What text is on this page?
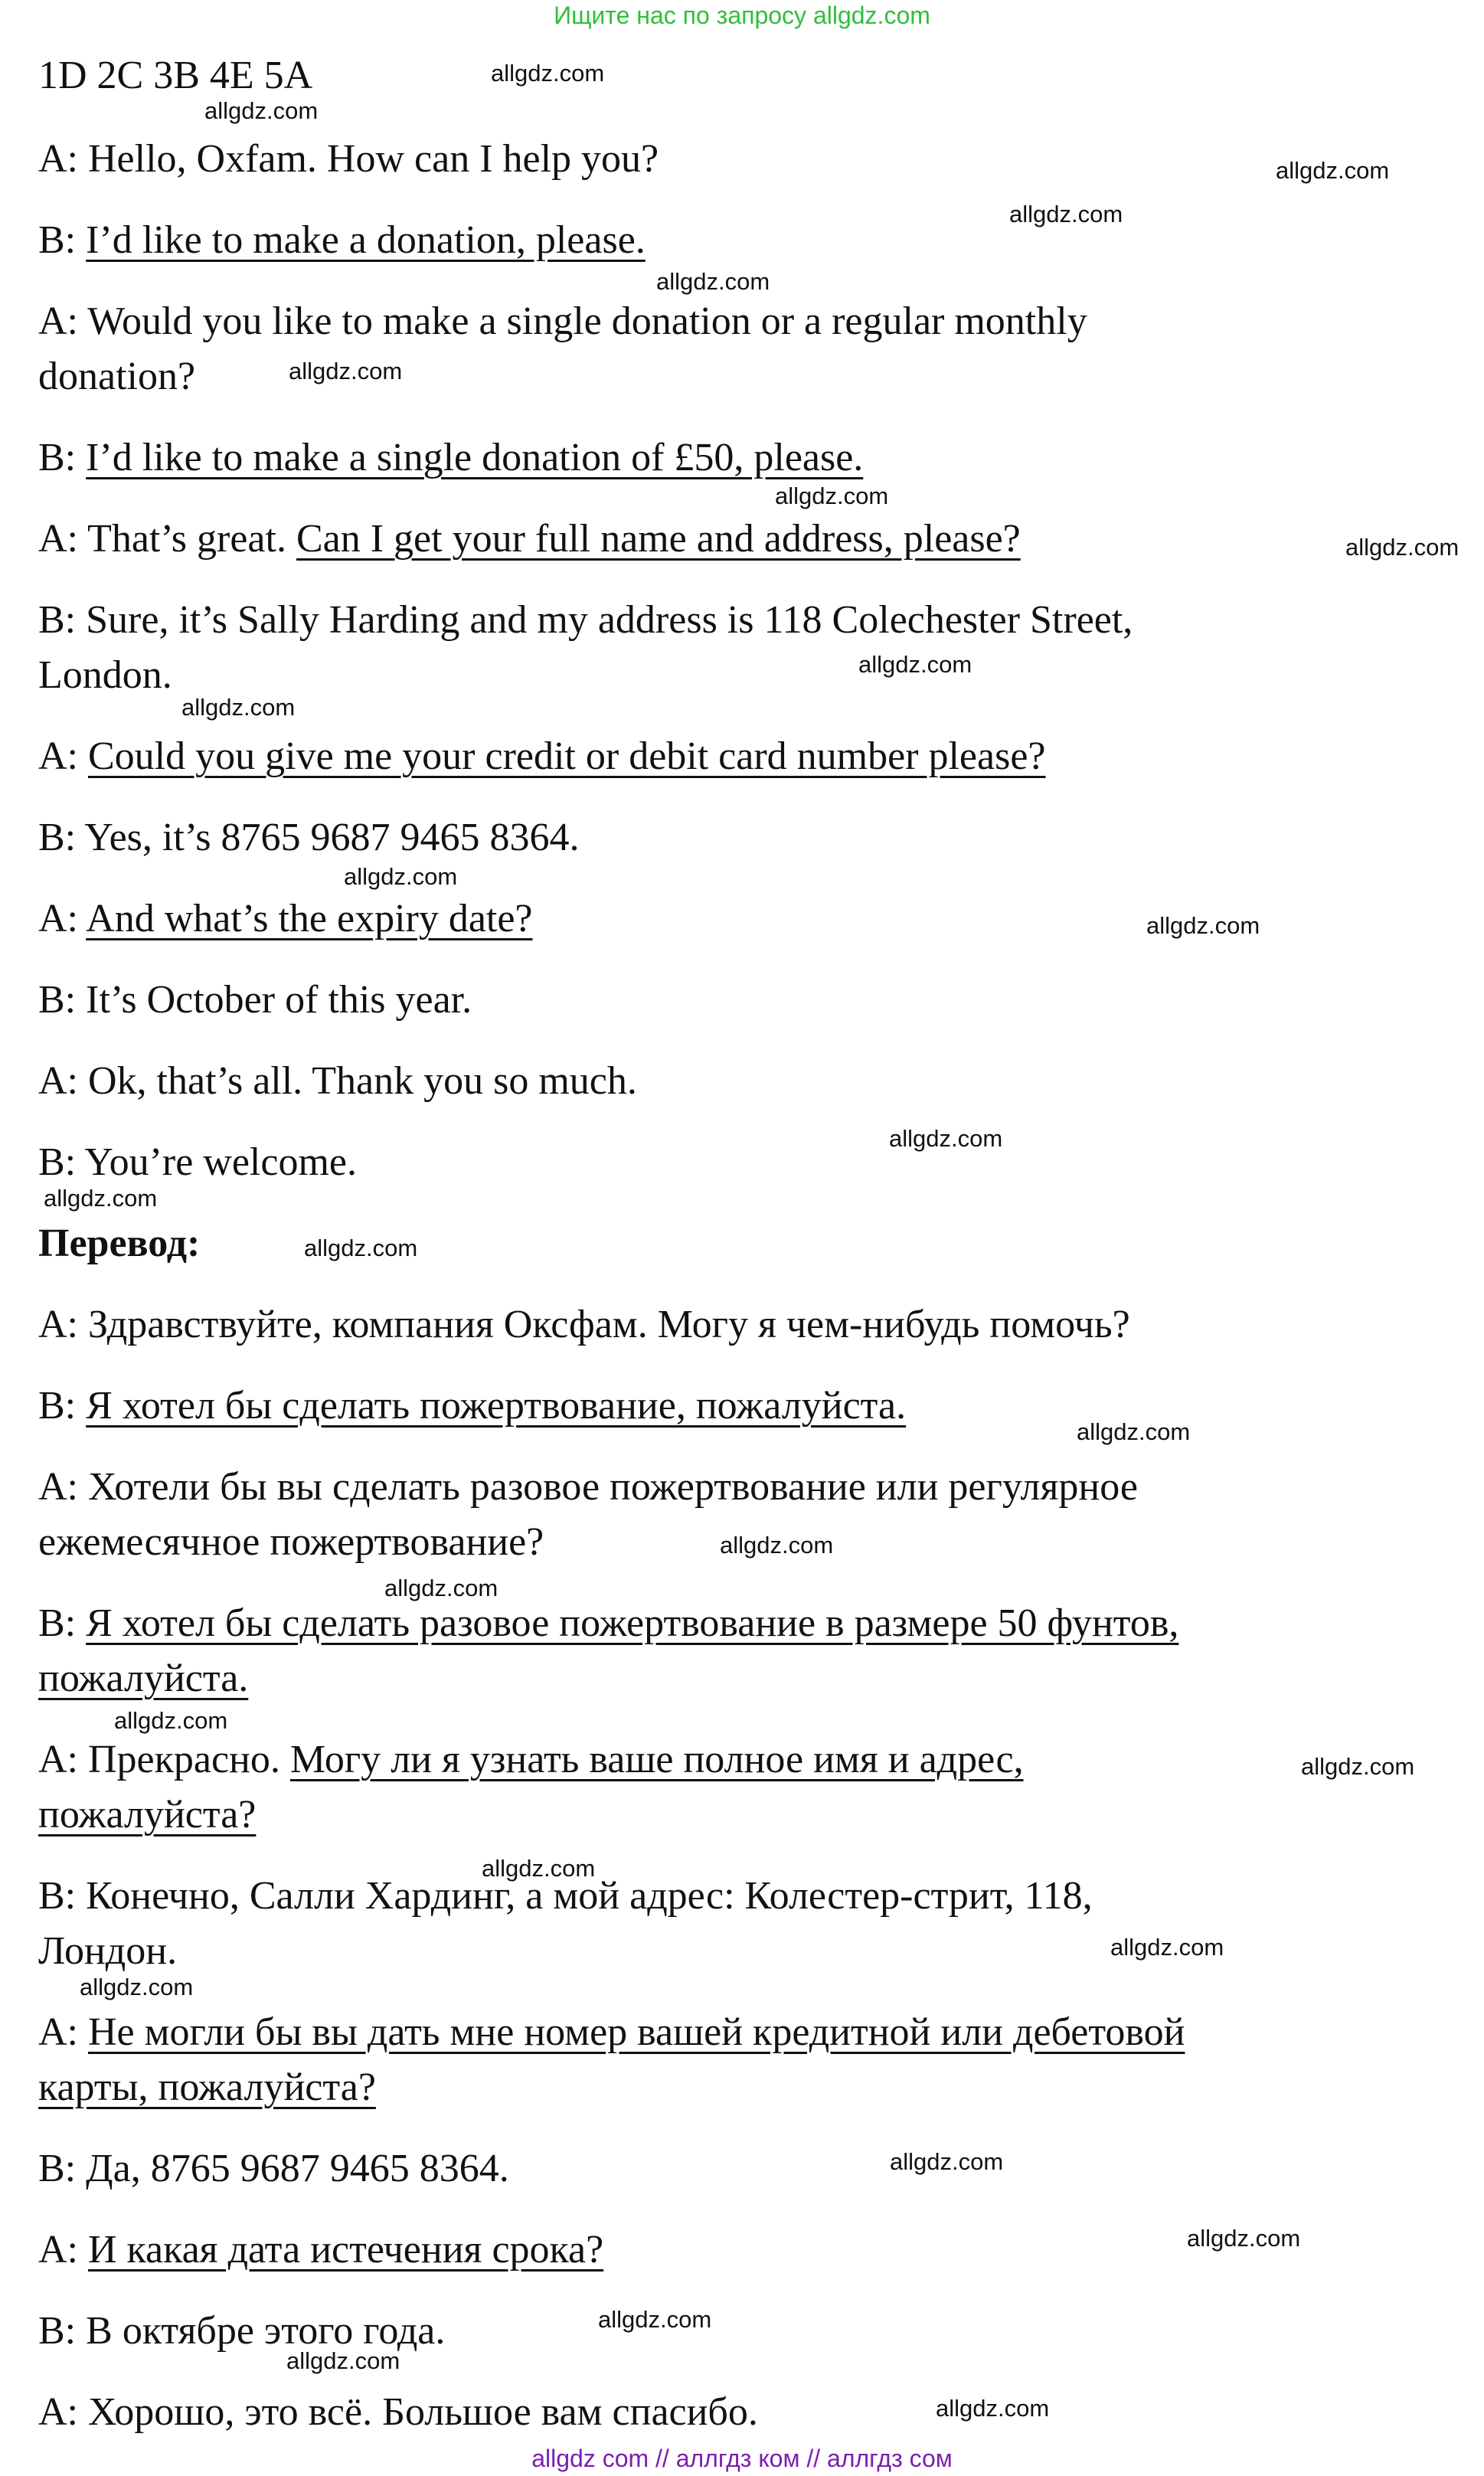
Ищите нас по запросу allgdz.com

1D 2C 3B 4E 5A

A: Hello, Oxfam. How can I help you?

B: I’d like to make a donation, please.

A: Would you like to make a single donation or a regular monthly

donation?

B: I’d like to make a single donation of £50, please.

A: That’s great. Can I get your full name and address, please?

B: Sure, it’s Sally Harding and my address is 118 Colechester Street,

London.

A: Could you give me your credit or debit card number please?

B: Yes, it’s 8765 9687 9465 8364.

A: And what’s the expiry date?

B: It’s October of this year.

A: Ok, that’s all. Thank you so much.

B: You’re welcome.

Перевод:

A: Здравствуйте, компания Оксфам. Могу я чем-нибудь помочь?

B: Я хотел бы сделать пожертвование, пожалуйста.

A: Хотели бы вы сделать разовое пожертвование или регулярное

ежемесячное пожертвование?

B: Я хотел бы сделать разовое пожертвование в размере 50 фунтов,

пожалуйста.

A: Прекрасно. Могу ли я узнать ваше полное имя и адрес,

пожалуйста?

B: Конечно, Салли Хардинг, а мой адрес: Колестер-стрит, 118,

Лондон.

A: Не могли бы вы дать мне номер вашей кредитной или дебетовой

карты, пожалуйста?

B: Да, 8765 9687 9465 8364.

A: И какая дата истечения срока?

B: В октябре этого года.

A: Хорошо, это всё. Большое вам спасибо.

allgdz.com
allgdz.com
allgdz.com
allgdz.com
allgdz.com
allgdz.com
allgdz.com
allgdz.com
allgdz.com
allgdz.com
allgdz.com
allgdz.com
allgdz.com
allgdz.com
allgdz.com
allgdz.com
allgdz.com
allgdz.com
allgdz.com
allgdz.com
allgdz.com
allgdz.com
allgdz.com
allgdz.com
allgdz.com
allgdz.com
allgdz.com
allgdz.com
allgdz com // аллгдз ком // аллгдз сом
